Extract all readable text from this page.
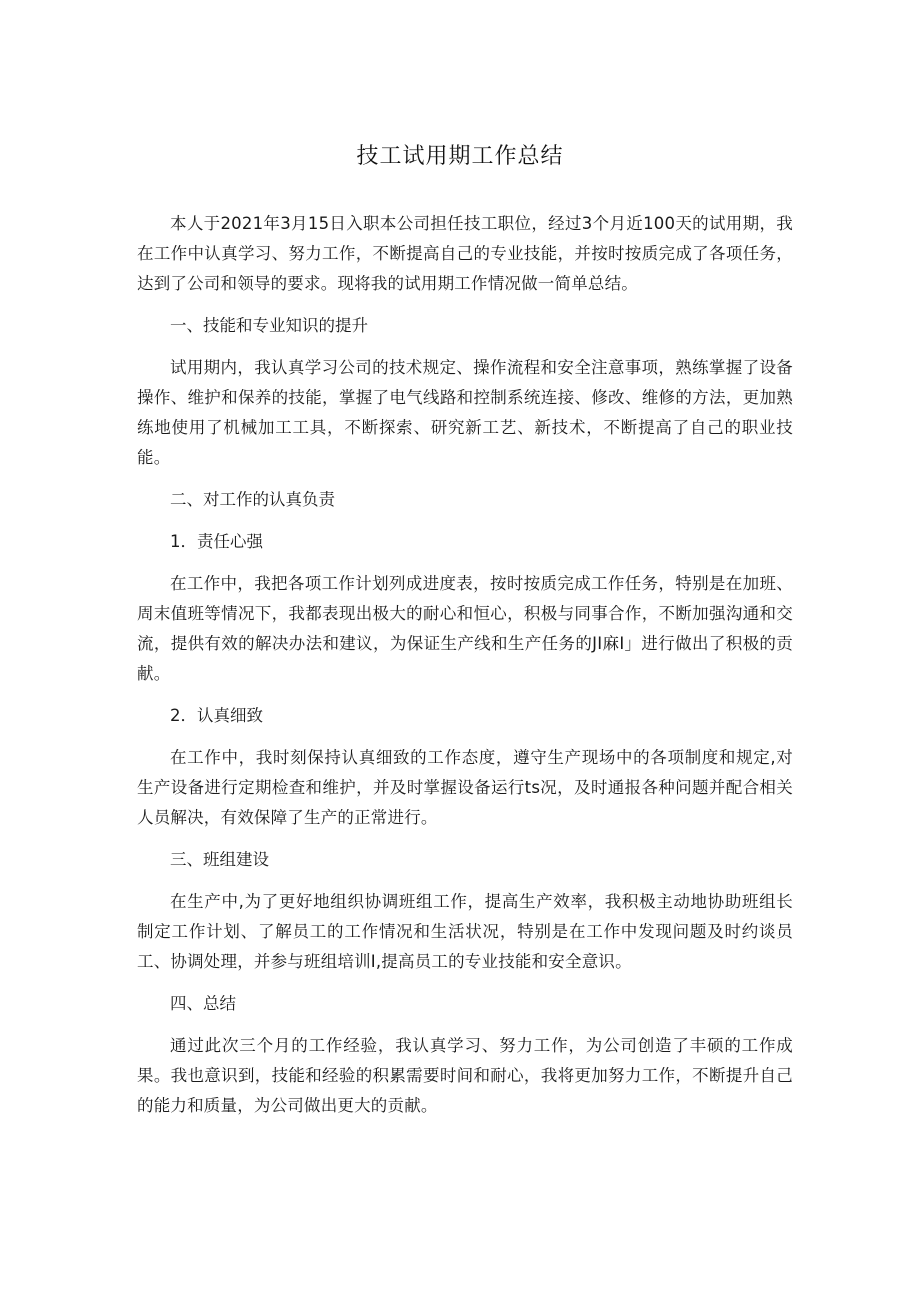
技工试用期工作总结

本人于2021年3月15日入职本公司担任技工职位，经过3个月近100天的试用期，我在工作中认真学习、努力工作，不断提高自己的专业技能，并按时按质完成了各项任务，达到了公司和领导的要求。现将我的试用期工作情况做一简单总结。

一、技能和专业知识的提升

试用期内，我认真学习公司的技术规定、操作流程和安全注意事项，熟练掌握了设备操作、维护和保养的技能，掌握了电气线路和控制系统连接、修改、维修的方法，更加熟练地使用了机械加工工具，不断探索、研究新工艺、新技术，不断提高了自己的职业技能。

二、对工作的认真负责

1．责任心强

在工作中，我把各项工作计划列成进度表，按时按质完成工作任务，特别是在加班、周末值班等情况下，我都表现出极大的耐心和恒心，积极与同事合作，不断加强沟通和交流，提供有效的解决办法和建议，为保证生产线和生产任务的JI麻I」进行做出了积极的贡献。

2．认真细致

在工作中，我时刻保持认真细致的工作态度，遵守生产现场中的各项制度和规定,对生产设备进行定期检查和维护，并及时掌握设备运行ts况，及时通报各种问题并配合相关人员解决，有效保障了生产的正常进行。

三、班组建设

在生产中,为了更好地组织协调班组工作，提高生产效率，我积极主动地协助班组长制定工作计划、了解员工的工作情况和生活状况，特别是在工作中发现问题及时约谈员工、协调处理，并参与班组培训I,提高员工的专业技能和安全意识。

四、总结

通过此次三个月的工作经验，我认真学习、努力工作，为公司创造了丰硕的工作成果。我也意识到，技能和经验的积累需要时间和耐心，我将更加努力工作，不断提升自己的能力和质量，为公司做出更大的贡献。
